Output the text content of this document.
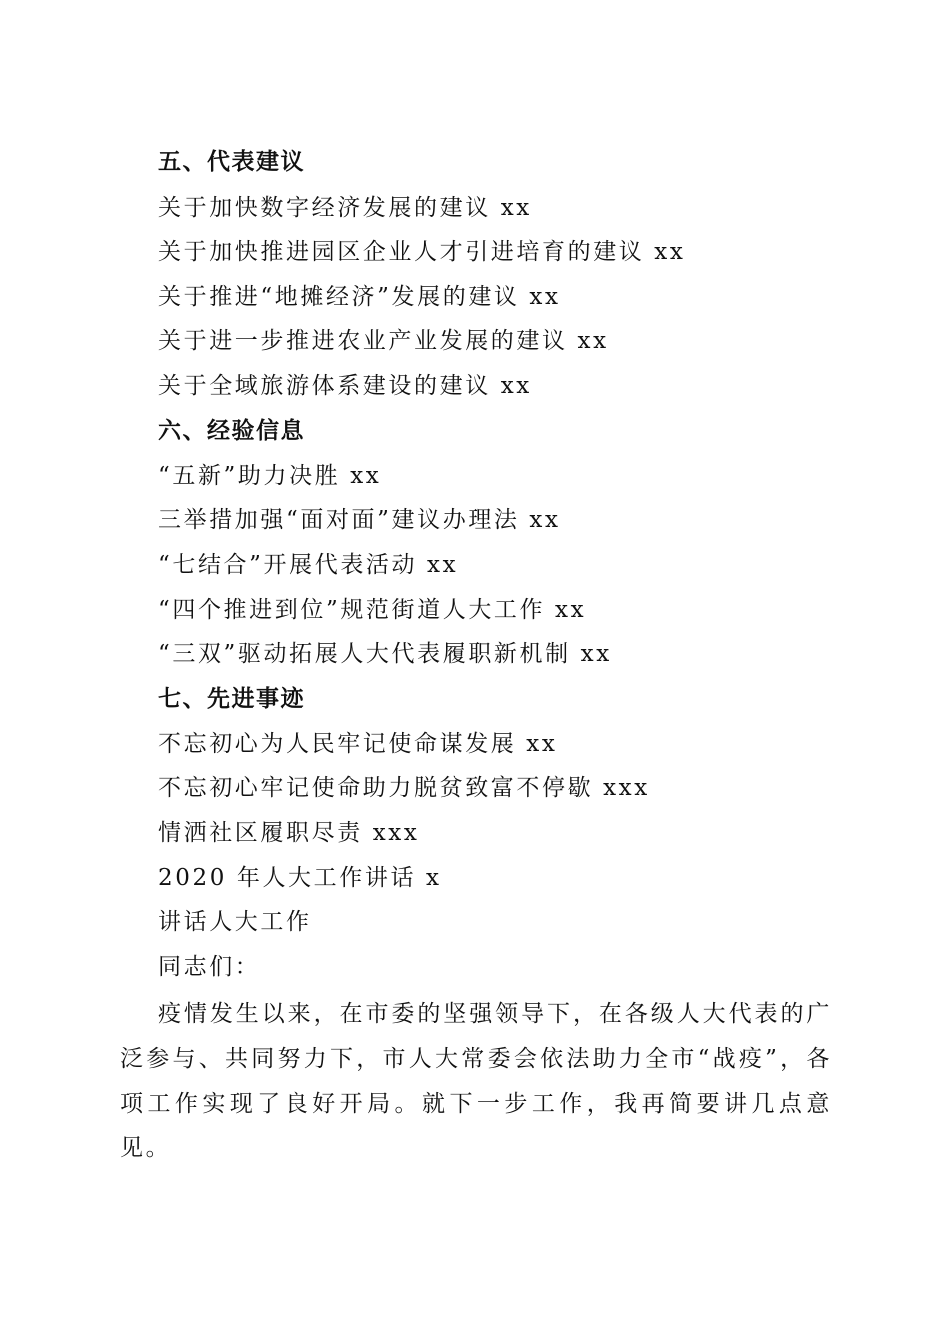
五、代表建议
关于加快数字经济发展的建议 xx
关于加快推进园区企业人才引进培育的建议 xx
关于推进“地摊经济”发展的建议 xx
关于进一步推进农业产业发展的建议 xx
关于全域旅游体系建设的建议 xx
六、经验信息
“五新”助力决胜 xx
三举措加强“面对面”建议办理法 xx
“七结合”开展代表活动 xx
“四个推进到位”规范街道人大工作 xx
“三双”驱动拓展人大代表履职新机制 xx
七、先进事迹
不忘初心为人民牢记使命谋发展 xx
不忘初心牢记使命助力脱贫致富不停歇 xxx
情洒社区履职尽责 xxx
2020 年人大工作讲话 x
讲话人大工作
同志们：
疫情发生以来，在市委的坚强领导下，在各级人大代表的广泛参与、共同努力下，市人大常委会依法助力全市“战疫”，各项工作实现了良好开局。就下一步工作，我再简要讲几点意见。
